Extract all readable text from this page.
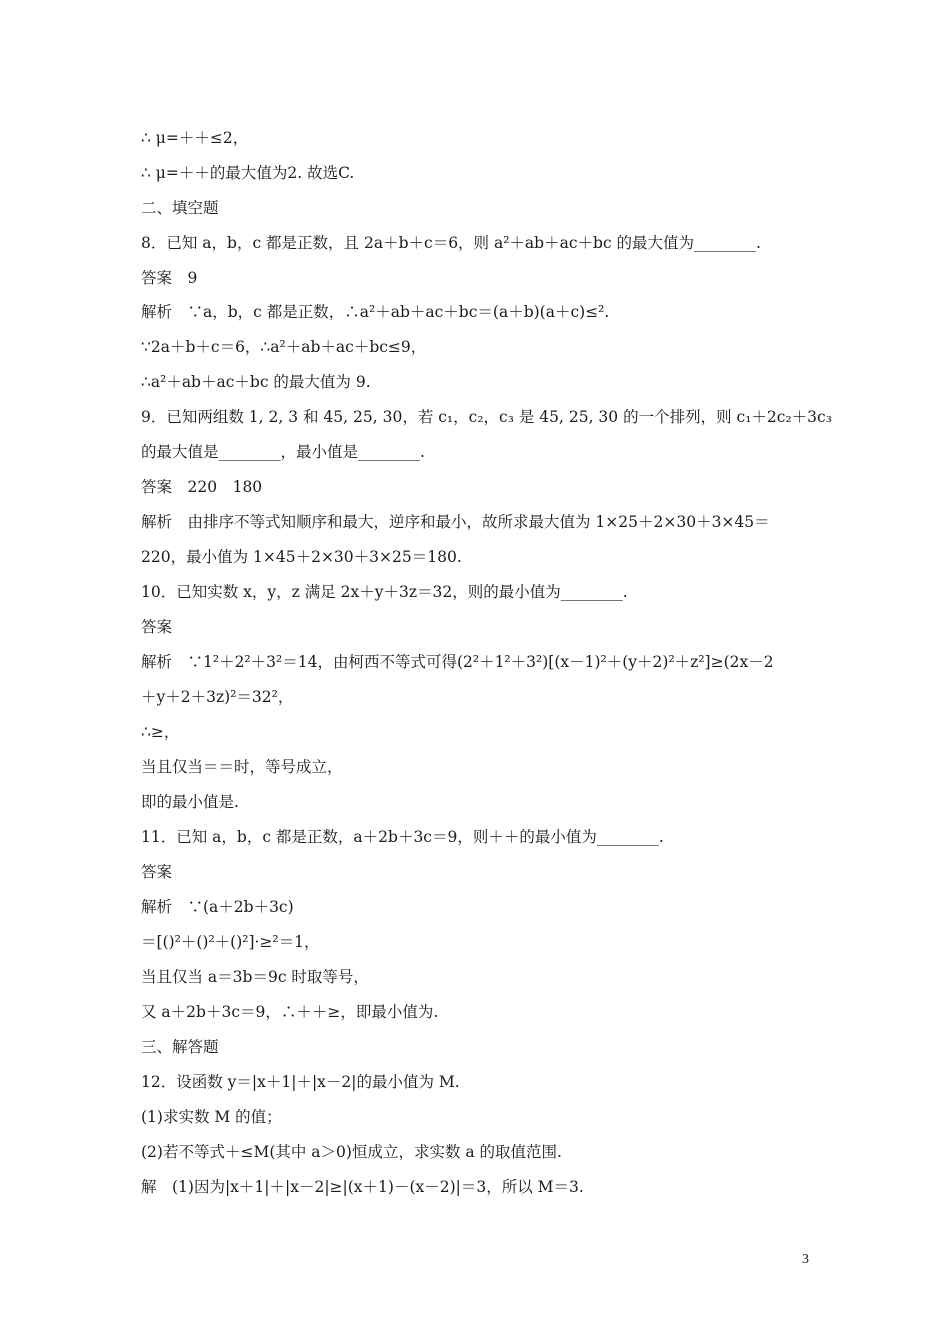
∴ μ=＋＋≤2，
∴ μ=＋＋的最大值为2. 故选C.
二、填空题
8．已知 a，b，c 都是正数，且 2a＋b＋c＝6，则 a²＋ab＋ac＋bc 的最大值为________.
答案　9
解析　∵a，b，c 都是正数，∴a²＋ab＋ac＋bc＝(a＋b)(a＋c)≤².
∵2a＋b＋c＝6，∴a²＋ab＋ac＋bc≤9，
∴a²＋ab＋ac＋bc 的最大值为 9.
9．已知两组数 1, 2, 3 和 45, 25, 30，若 c₁，c₂，c₃ 是 45, 25, 30 的一个排列，则 c₁＋2c₂＋3c₃
的最大值是________，最小值是________.
答案　220　180
解析　由排序不等式知顺序和最大，逆序和最小，故所求最大值为 1×25＋2×30＋3×45＝
220，最小值为 1×45＋2×30＋3×25＝180.
10．已知实数 x，y，z 满足 2x＋y＋3z＝32，则的最小值为________.
答案
解析　∵1²＋2²＋3²＝14，由柯西不等式可得(2²＋1²＋3²)[(x－1)²＋(y＋2)²＋z²]≥(2x－2
＋y＋2＋3z)²＝32²，
∴≥，
当且仅当＝＝时，等号成立，
即的最小值是.
11．已知 a，b，c 都是正数，a＋2b＋3c＝9，则＋＋的最小值为________.
答案
解析　∵(a＋2b＋3c)
＝[()²＋()²＋()²]·≥²＝1，
当且仅当 a＝3b＝9c 时取等号，
又 a＋2b＋3c＝9，∴＋＋≥，即最小值为.
三、解答题
12．设函数 y＝|x＋1|＋|x－2|的最小值为 M.
(1)求实数 M 的值；
(2)若不等式＋≤M(其中 a＞0)恒成立，求实数 a 的取值范围.
解　(1)因为|x＋1|＋|x－2|≥|(x＋1)－(x－2)|＝3，所以 M＝3.
3
